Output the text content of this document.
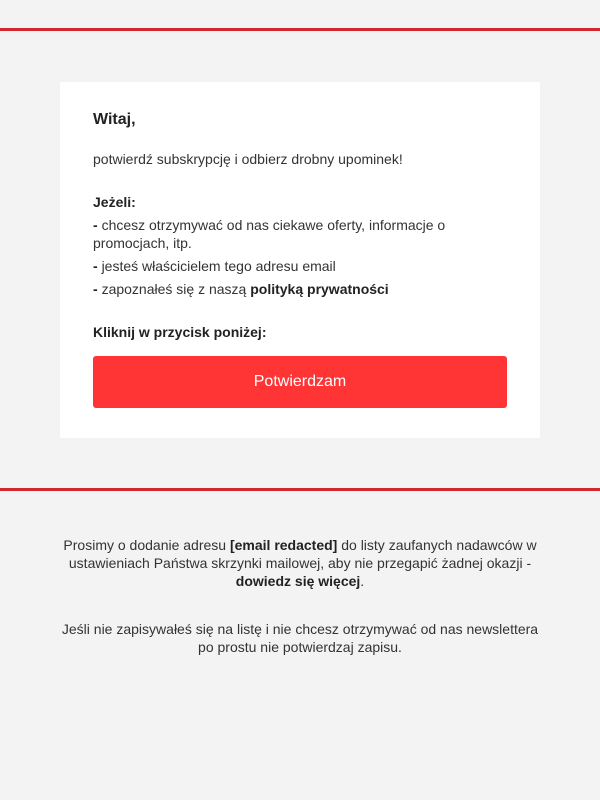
Witaj,
potwierdź subskrypcję i odbierz drobny upominek!
Jeżeli:
- chcesz otrzymywać od nas ciekawe oferty, informacje o promocjach, itp.
- jesteś właścicielem tego adresu email
- zapoznałeś się z naszą polityką prywatności
Kliknij w przycisk poniżej:
Potwierdzam

Prosimy o dodanie adresu [email redacted] do listy zaufanych nadawców w ustawieniach Państwa skrzynki mailowej, aby nie przegapić żadnej okazji - dowiedz się więcej.

Jeśli nie zapisywałeś się na listę i nie chcesz otrzymywać od nas newslettera po prostu nie potwierdzaj zapisu.
